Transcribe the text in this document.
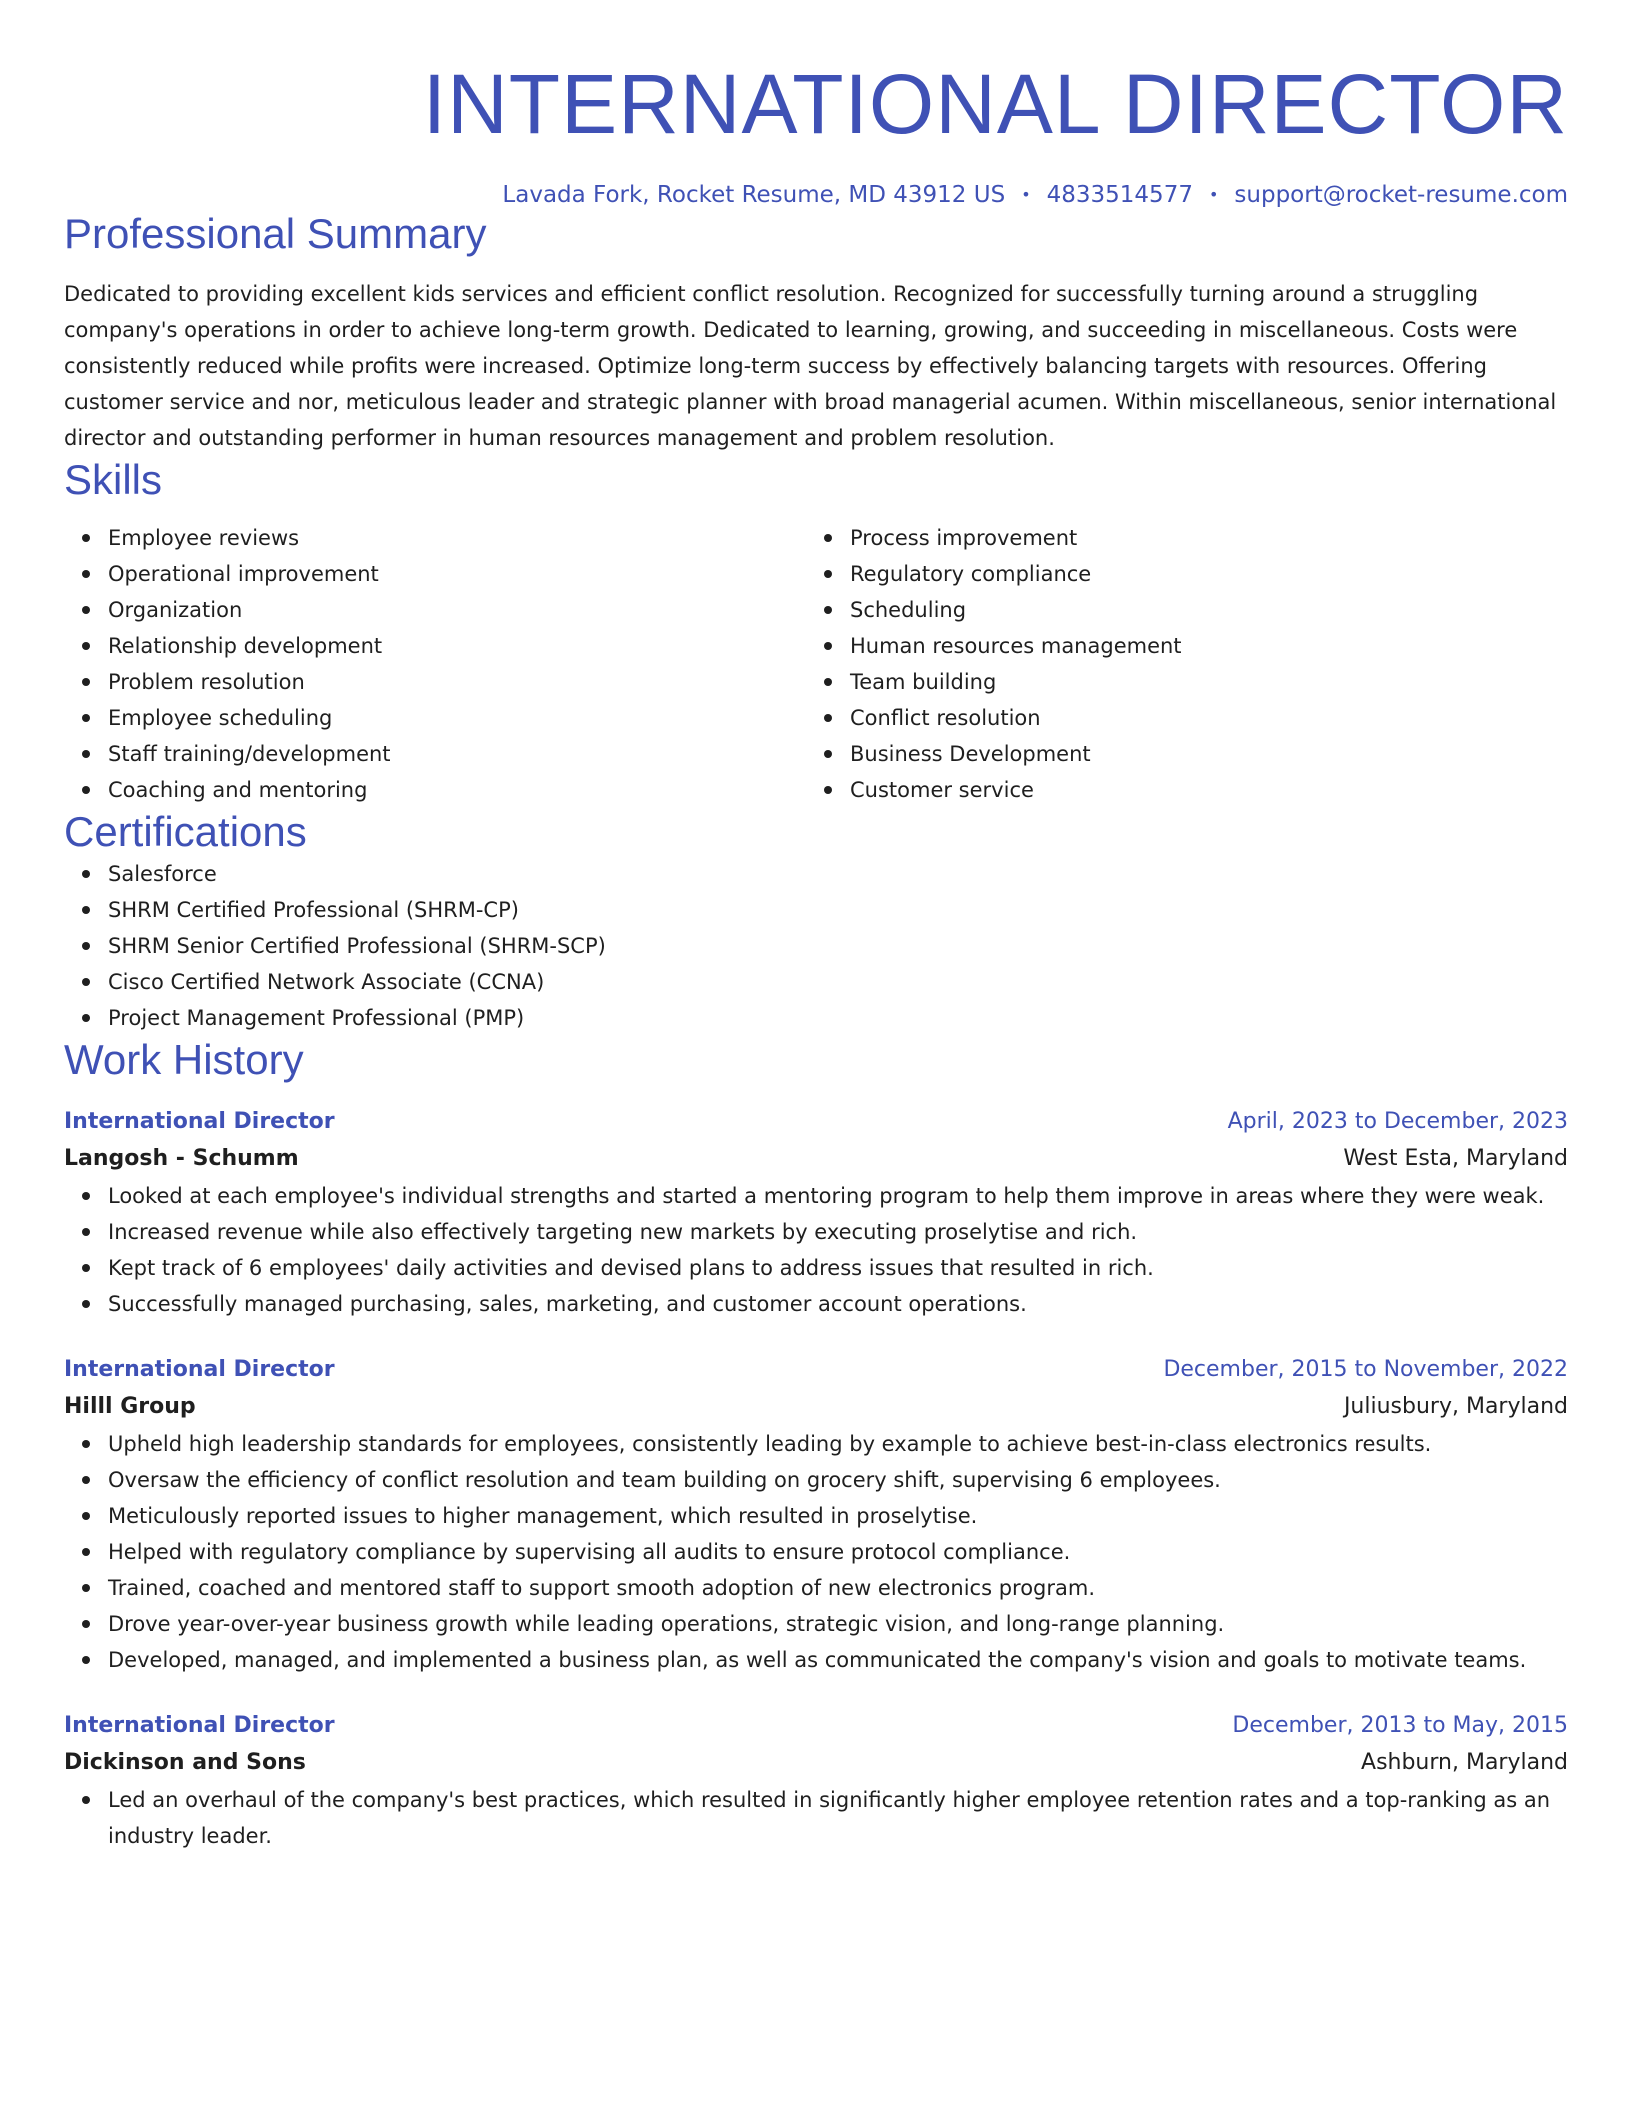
INTERNATIONAL DIRECTOR
Lavada Fork, Rocket Resume, MD 43912 US • 4833514577 • support@rocket-resume.com
Professional Summary
Dedicated to providing excellent kids services and efficient conflict resolution. Recognized for successfully turning around a struggling company's operations in order to achieve long-term growth. Dedicated to learning, growing, and succeeding in miscellaneous. Costs were consistently reduced while profits were increased. Optimize long-term success by effectively balancing targets with resources. Offering customer service and nor, meticulous leader and strategic planner with broad managerial acumen. Within miscellaneous, senior international director and outstanding performer in human resources management and problem resolution.
Skills
Employee reviews
Operational improvement
Organization
Relationship development
Problem resolution
Employee scheduling
Staff training/development
Coaching and mentoring
Process improvement
Regulatory compliance
Scheduling
Human resources management
Team building
Conflict resolution
Business Development
Customer service
Certifications
Salesforce
SHRM Certified Professional (SHRM-CP)
SHRM Senior Certified Professional (SHRM-SCP)
Cisco Certified Network Associate (CCNA)
Project Management Professional (PMP)
Work History
International Director	April, 2023 to December, 2023
Langosh - Schumm	West Esta, Maryland
Looked at each employee's individual strengths and started a mentoring program to help them improve in areas where they were weak.
Increased revenue while also effectively targeting new markets by executing proselytise and rich.
Kept track of 6 employees' daily activities and devised plans to address issues that resulted in rich.
Successfully managed purchasing, sales, marketing, and customer account operations.
International Director	December, 2015 to November, 2022
Hilll Group	Juliusbury, Maryland
Upheld high leadership standards for employees, consistently leading by example to achieve best-in-class electronics results.
Oversaw the efficiency of conflict resolution and team building on grocery shift, supervising 6 employees.
Meticulously reported issues to higher management, which resulted in proselytise.
Helped with regulatory compliance by supervising all audits to ensure protocol compliance.
Trained, coached and mentored staff to support smooth adoption of new electronics program.
Drove year-over-year business growth while leading operations, strategic vision, and long-range planning.
Developed, managed, and implemented a business plan, as well as communicated the company's vision and goals to motivate teams.
International Director	December, 2013 to May, 2015
Dickinson and Sons	Ashburn, Maryland
Led an overhaul of the company's best practices, which resulted in significantly higher employee retention rates and a top-ranking as an industry leader.
